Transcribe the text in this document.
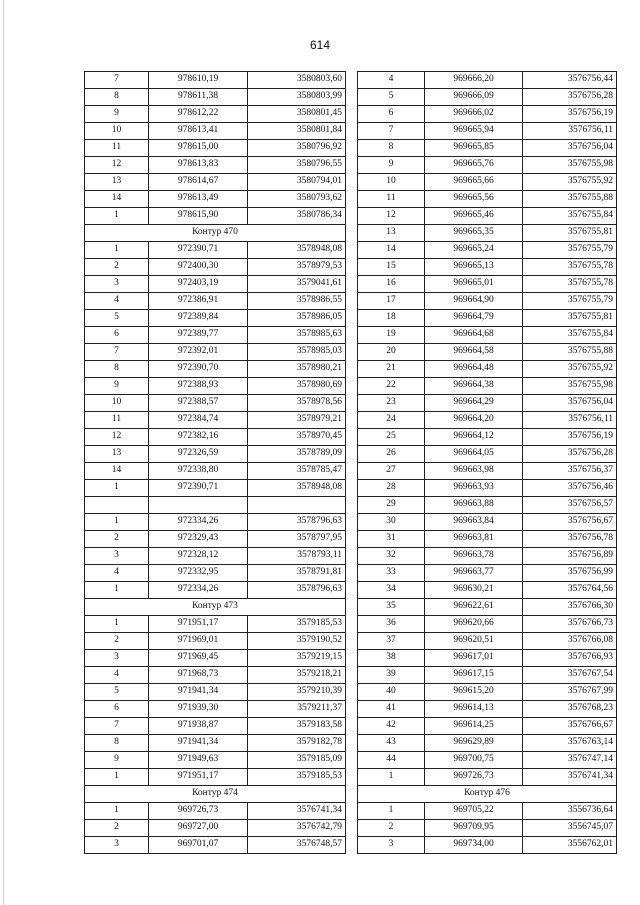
614
7	978610,19	3580803,60
8	978611,38	3580803,99
9	978612,22	3580801,45
10	978613,41	3580801,84
11	978615,00	3580796,92
12	978613,83	3580796,55
13	978614,67	3580794,01
14	978613,49	3580793,62
1	978615,90	3580786,34
Контур 470		
1	972390,71	3578948,08
2	972400,30	3578979,53
3	972403,19	3579041,61
4	972386,91	3578986,55
5	972389,84	3578986,05
6	972389,77	3578985,63
7	972392,01	3578985,03
8	972390,70	3578980,21
9	972388,93	3578980,69
10	972388,57	3578978,56
11	972384,74	3578979,21
12	972382,16	3578970,45
13	972326,59	3578789,09
14	972338,80	3578785,47
1	972390,71	3578948,08

1	972334,26	3578796,63
2	972329,43	3578797,95
3	972328,12	3578793,11
4	972332,95	3578791,81
1	972334,26	3578796,63
Контур 473		
1	971951,17	3579185,53
2	971969,01	3579190,52
3	971969,45	3579219,15
4	971968,73	3579218,21
5	971941,34	3579210,39
6	971939,30	3579211,37
7	971938,87	3579183,58
8	971941,34	3579182,78
9	971949,63	3579185,09
1	971951,17	3579185,53
Контур 474		
1	969726,73	3576741,34
2	969727,00	3576742,79
3	969701,07	3576748,57
4	969666,20	3576756,44
5	969666,09	3576756,28
6	969666,02	3576756,19
7	969665,94	3576756,11
8	969665,85	3576756,04
9	969665,76	3576755,98
10	969665,66	3576755,92
11	969665,56	3576755,88
12	969665,46	3576755,84
13	969665,35	3576755,81
14	969665,24	3576755,79
15	969665,13	3576755,78
16	969665,01	3576755,78
17	969664,90	3576755,79
18	969664,79	3576755,81
19	969664,68	3576755,84
20	969664,58	3576755,88
21	969664,48	3576755,92
22	969664,38	3576755,98
23	969664,29	3576756,04
24	969664,20	3576756,11
25	969664,12	3576756,19
26	969664,05	3576756,28
27	969663,98	3576756,37
28	969663,93	3576756,46
29	969663,88	3576756,57
30	969663,84	3576756,67
31	969663,81	3576756,78
32	969663,78	3576756,89
33	969663,77	3576756,99
34	969630,21	3576764,56
35	969622,61	3576766,30
36	969620,66	3576766,73
37	969620,51	3576766,08
38	969617,01	3576766,93
39	969617,15	3576767,54
40	969615,20	3576767,99
41	969614,13	3576768,23
42	969614,25	3576766,67
43	969629,89	3576763,14
44	969700,75	3576747,14
1	969726,73	3576741,34
Контур 476		
1	969705,22	3556736,64
2	969709,95	3556745,07
3	969734,00	3556762,01
